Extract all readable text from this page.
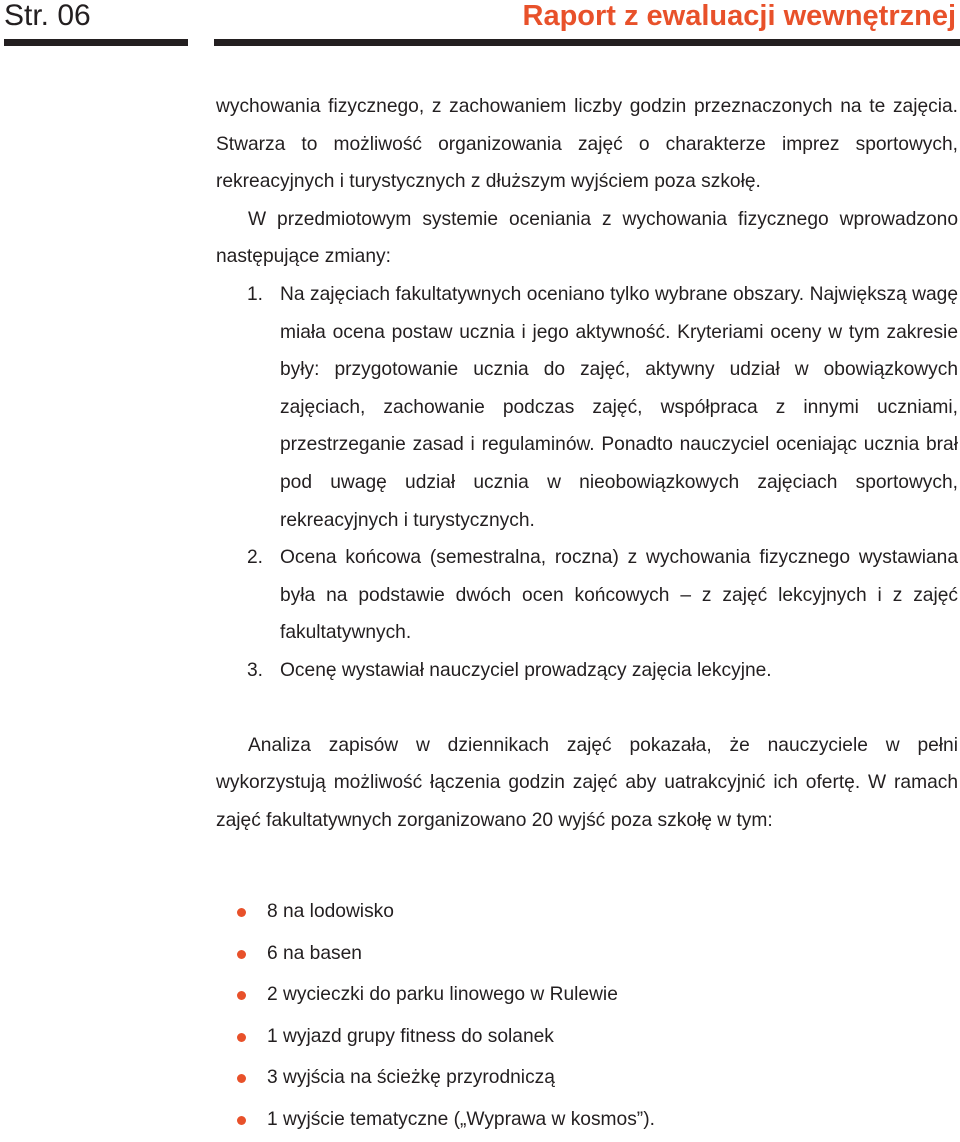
Str. 06	Raport z ewaluacji wewnętrznej

wychowania fizycznego, z zachowaniem liczby godzin przeznaczonych na te zajęcia. Stwarza to możliwość organizowania zajęć o charakterze imprez sportowych, rekreacyjnych i turystycznych z dłuższym wyjściem poza szkołę.

W przedmiotowym systemie oceniania z wychowania fizycznego wprowadzono następujące zmiany:

1. Na zajęciach fakultatywnych oceniano tylko wybrane obszary. Największą wagę miała ocena postaw ucznia i jego aktywność. Kryteriami oceny w tym zakresie były: przygotowanie ucznia do zajęć, aktywny udział w obowiązkowych zajęciach, zachowanie podczas zajęć, współpraca z innymi uczniami, przestrzeganie zasad i regulaminów. Ponadto nauczyciel oceniając ucznia brał pod uwagę udział ucznia w nieobowiązkowych zajęciach sportowych, rekreacyjnych i turystycznych.
2. Ocena końcowa (semestralna, roczna) z wychowania fizycznego wystawiana była na podstawie dwóch ocen końcowych – z zajęć lekcyjnych i z zajęć fakultatywnych.
3. Ocenę wystawiał nauczyciel prowadzący zajęcia lekcyjne.

Analiza zapisów w dziennikach zajęć pokazała, że nauczyciele w pełni wykorzystują możliwość łączenia godzin zajęć aby uatrakcyjnić ich ofertę. W ramach zajęć fakultatywnych zorganizowano 20 wyjść poza szkołę w tym:

8 na lodowisko
6 na basen
2 wycieczki do parku linowego w Rulewie
1 wyjazd grupy fitness do solanek
3 wyjścia na ścieżkę przyrodniczą
1 wyjście tematyczne („Wyprawa w kosmos”).
